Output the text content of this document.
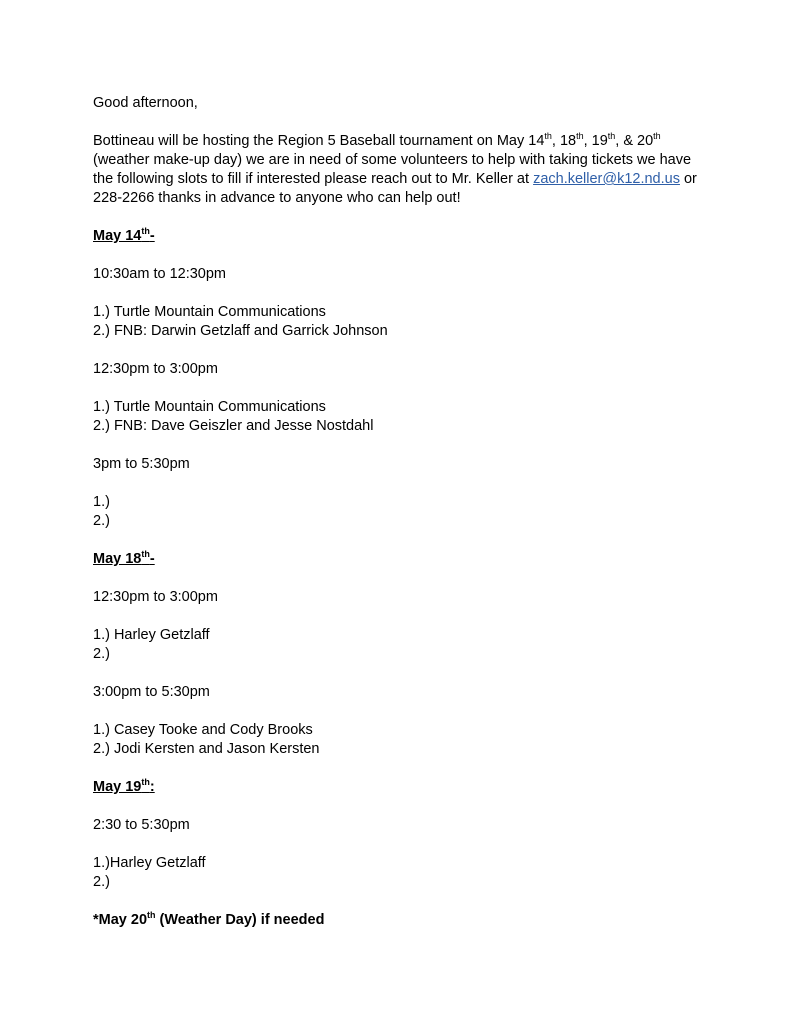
Good afternoon,

Bottineau will be hosting the Region 5 Baseball tournament on May 14th, 18th, 19th, & 20th (weather make-up day) we are in need of some volunteers to help with taking tickets we have the following slots to fill if interested please reach out to Mr. Keller at zach.keller@k12.nd.us or 228-2266 thanks in advance to anyone who can help out!

May 14th-

10:30am to 12:30pm

1.) Turtle Mountain Communications
2.) FNB: Darwin Getzlaff and Garrick Johnson

12:30pm to 3:00pm

1.) Turtle Mountain Communications
2.) FNB: Dave Geiszler and Jesse Nostdahl

3pm to 5:30pm

1.)
2.)

May 18th-

12:30pm to 3:00pm

1.) Harley Getzlaff
2.)

3:00pm to 5:30pm

1.) Casey Tooke and Cody Brooks
2.) Jodi Kersten and Jason Kersten

May 19th:

2:30 to 5:30pm

1.)Harley Getzlaff
2.)

*May 20th (Weather Day) if needed
